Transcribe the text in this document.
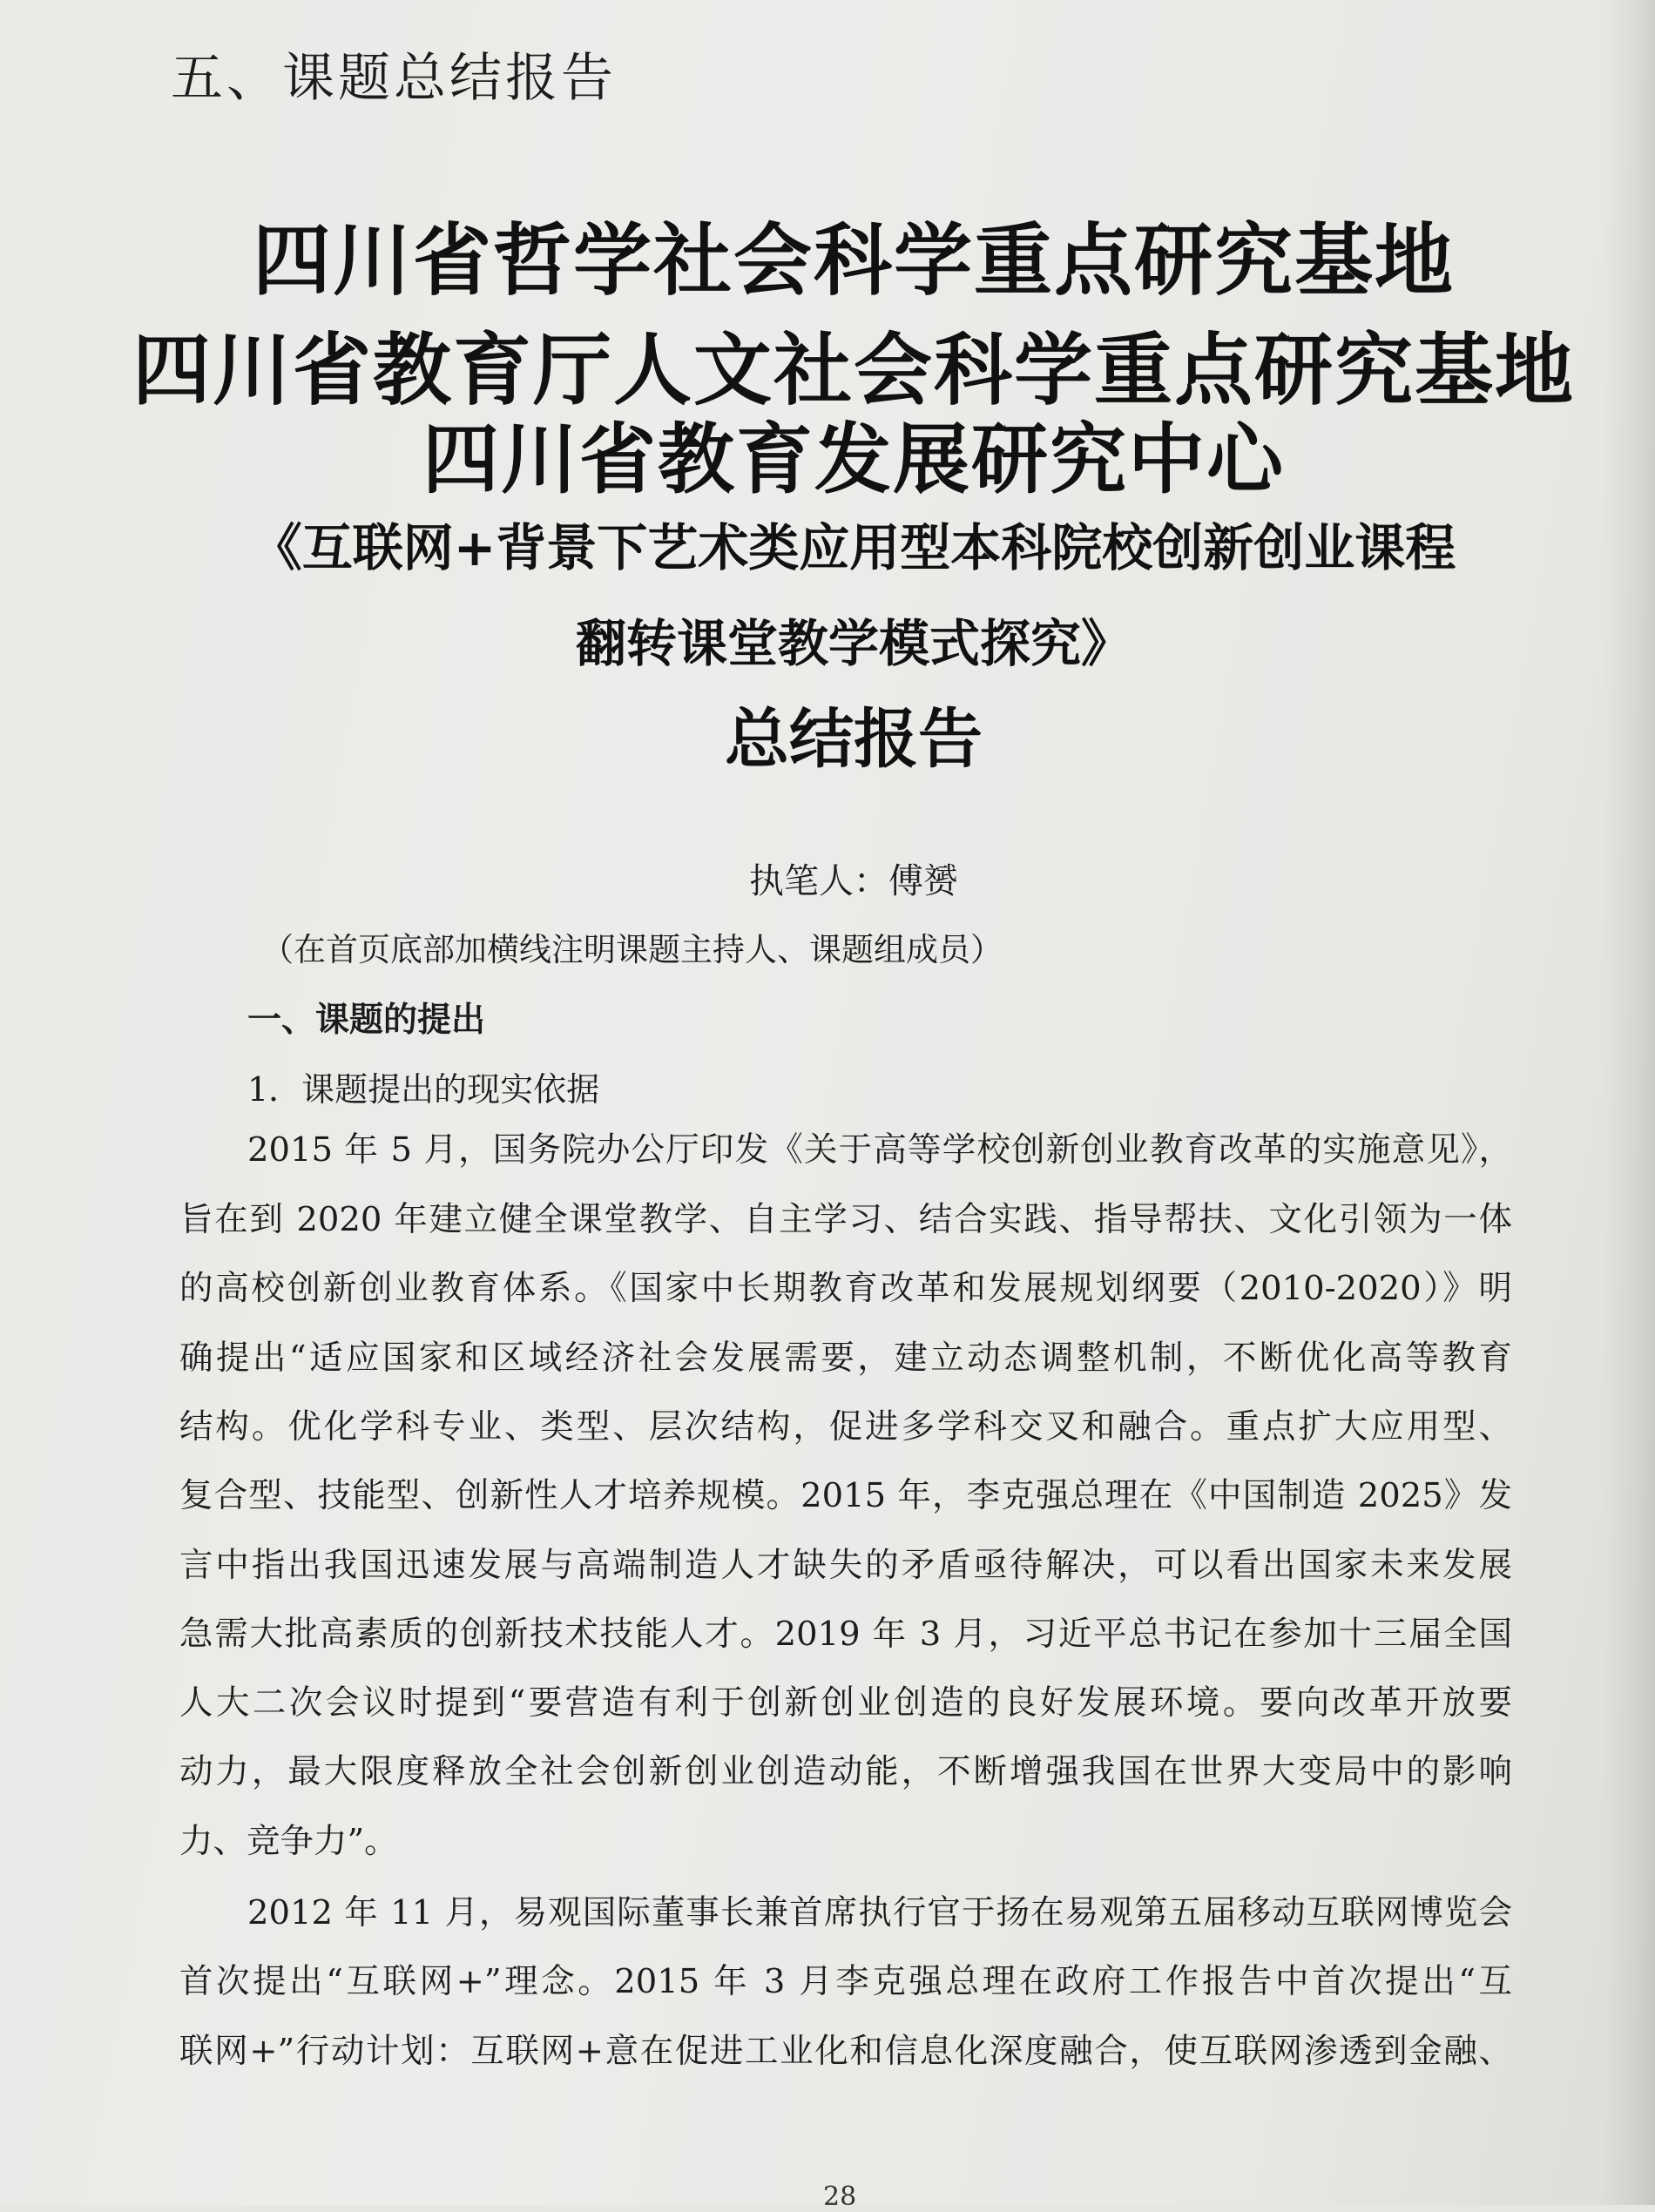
五、课题总结报告
四川省哲学社会科学重点研究基地
四川省教育厅人文社会科学重点研究基地
四川省教育发展研究中心
《互联网+背景下艺术类应用型本科院校创新创业课程
翻转课堂教学模式探究》
总结报告
执笔人：傅赟
（在首页底部加横线注明课题主持人、课题组成员）
一、课题的提出
1．课题提出的现实依据
2015 年 5 月，国务院办公厅印发《关于高等学校创新创业教育改革的实施意见》，
旨在到 2020 年建立健全课堂教学、自主学习、结合实践、指导帮扶、文化引领为一体
的高校创新创业教育体系。《国家中长期教育改革和发展规划纲要（2010-2020）》明
确提出“适应国家和区域经济社会发展需要，建立动态调整机制，不断优化高等教育
结构。优化学科专业、类型、层次结构，促进多学科交叉和融合。重点扩大应用型、
复合型、技能型、创新性人才培养规模。2015 年，李克强总理在《中国制造 2025》发
言中指出我国迅速发展与高端制造人才缺失的矛盾亟待解决，可以看出国家未来发展
急需大批高素质的创新技术技能人才。2019 年 3 月，习近平总书记在参加十三届全国
人大二次会议时提到“要营造有利于创新创业创造的良好发展环境。要向改革开放要
动力，最大限度释放全社会创新创业创造动能，不断增强我国在世界大变局中的影响
力、竞争力”。
2012 年 11 月，易观国际董事长兼首席执行官于扬在易观第五届移动互联网博览会
首次提出“互联网+”理念。2015 年 3 月李克强总理在政府工作报告中首次提出“互
联网+”行动计划：互联网+意在促进工业化和信息化深度融合，使互联网渗透到金融、
28
